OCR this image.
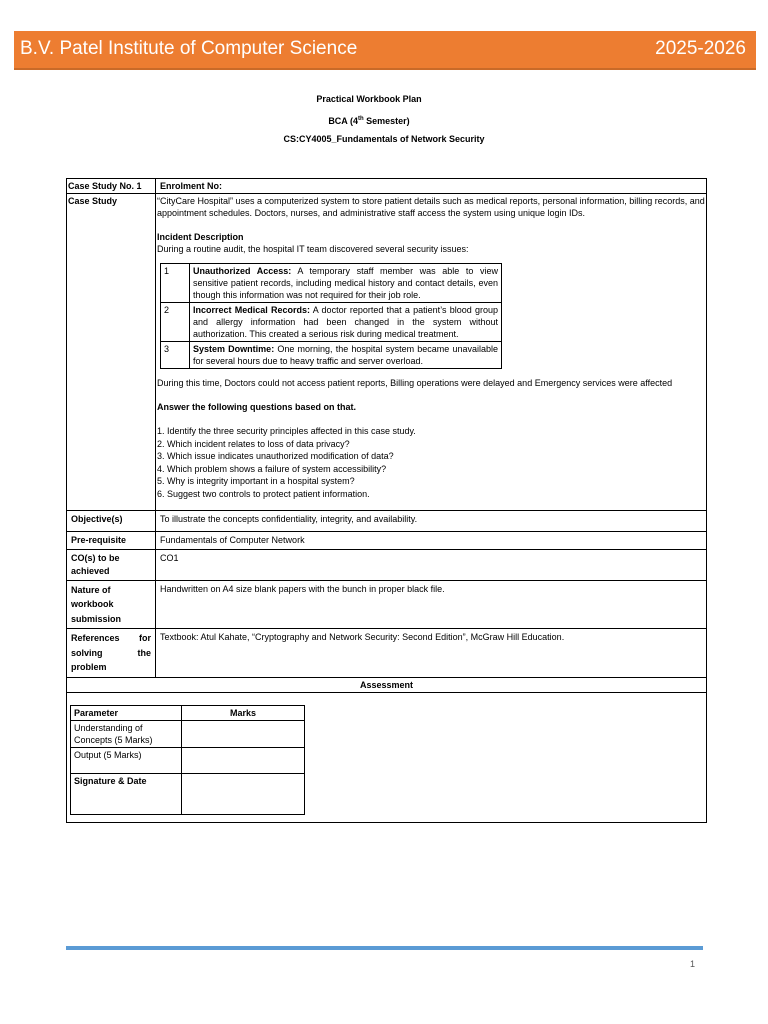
B.V. Patel Institute of Computer Science	2025-2026
Practical Workbook Plan
BCA (4th Semester)
CS:CY4005_Fundamentals of Network Security
Case Study No. 1	Enrolment No:
Case Study	“CityCare Hospital” uses a computerized system to store patient details such as medical reports, personal information, billing records, and appointment schedules. Doctors, nurses, and administrative staff access the system using unique login IDs.

Incident Description
During a routine audit, the hospital IT team discovered several security issues:
1	Unauthorized Access: A temporary staff member was able to view sensitive patient records, including medical history and contact details, even though this information was not required for their job role.
2	Incorrect Medical Records: A doctor reported that a patient’s blood group and allergy information had been changed in the system without authorization. This created a serious risk during medical treatment.
3	System Downtime: One morning, the hospital system became unavailable for several hours due to heavy traffic and server overload.

During this time, Doctors could not access patient reports, Billing operations were delayed and Emergency services were affected

Answer the following questions based on that.
1. Identify the three security principles affected in this case study.
2. Which incident relates to loss of data privacy?
3. Which issue indicates unauthorized modification of data?
4. Which problem shows a failure of system accessibility?
5. Why is integrity important in a hospital system?
6. Suggest two controls to protect patient information.

Objective(s)	To illustrate the concepts confidentiality, integrity, and availability.
Pre-requisite	Fundamentals of Computer Network
CO(s) to be achieved	CO1
Nature of workbook submission	Handwritten on A4 size blank papers with the bunch in proper black file.
References for solving the problem	Textbook: Atul Kahate, “Cryptography and Network Security: Second Edition”, McGraw Hill Education.
Assessment

Parameter	Marks
Understanding of Concepts (5 Marks)	
Output (5 Marks)	
Signature & Date	
1
